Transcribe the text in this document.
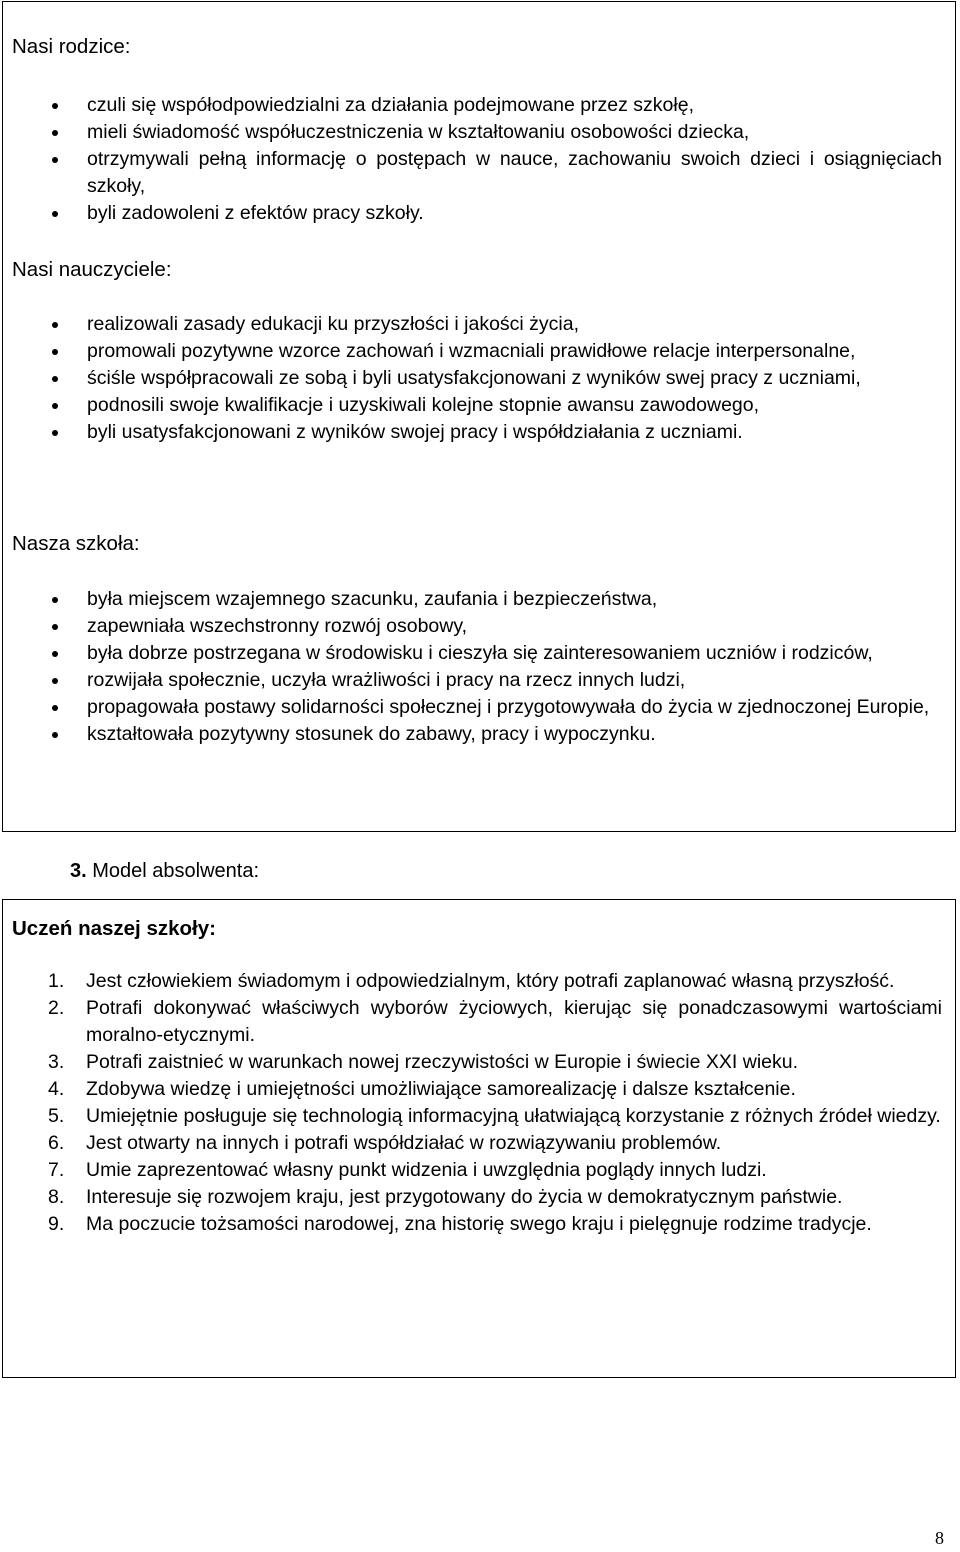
Nasi rodzice:
czuli się współodpowiedzialni za działania podejmowane przez szkołę,
mieli świadomość współuczestniczenia w kształtowaniu osobowości dziecka,
otrzymywali pełną informację o postępach w nauce, zachowaniu swoich dzieci i osiągnięciach szkoły,
byli zadowoleni z efektów pracy szkoły.
Nasi nauczyciele:
realizowali zasady edukacji ku przyszłości i jakości życia,
promowali pozytywne wzorce zachowań i wzmacniali prawidłowe relacje interpersonalne,
ściśle współpracowali ze sobą i byli usatysfakcjonowani z wyników swej pracy z uczniami,
podnosili swoje kwalifikacje i uzyskiwali kolejne stopnie awansu zawodowego,
byli usatysfakcjonowani z wyników swojej pracy i współdziałania z uczniami.
Nasza szkoła:
była miejscem wzajemnego szacunku, zaufania i bezpieczeństwa,
zapewniała wszechstronny rozwój osobowy,
była dobrze postrzegana w środowisku i cieszyła się zainteresowaniem uczniów i rodziców,
rozwijała społecznie, uczyła wrażliwości i pracy na rzecz innych ludzi,
propagowała postawy solidarności społecznej i przygotowywała do życia w zjednoczonej Europie,
kształtowała pozytywny stosunek do zabawy, pracy i wypoczynku.
3. Model absolwenta:
Uczeń naszej szkoły:
1. Jest człowiekiem świadomym i odpowiedzialnym, który potrafi zaplanować własną przyszłość.
2. Potrafi dokonywać właściwych wyborów życiowych, kierując się ponadczasowymi wartościami moralno-etycznymi.
3. Potrafi zaistnieć w warunkach nowej rzeczywistości w Europie i świecie XXI wieku.
4. Zdobywa wiedzę i umiejętności umożliwiające samorealizację i dalsze kształcenie.
5. Umiejętnie posługuje się technologią informacyjną ułatwiającą korzystanie z różnych źródeł wiedzy.
6. Jest otwarty na innych i potrafi współdziałać w rozwiązywaniu problemów.
7. Umie zaprezentować własny punkt widzenia i uwzględnia poglądy innych ludzi.
8. Interesuje się rozwojem kraju, jest przygotowany do życia w demokratycznym państwie.
9. Ma poczucie tożsamości narodowej, zna historię swego kraju i pielęgnuje rodzime tradycje.
8
